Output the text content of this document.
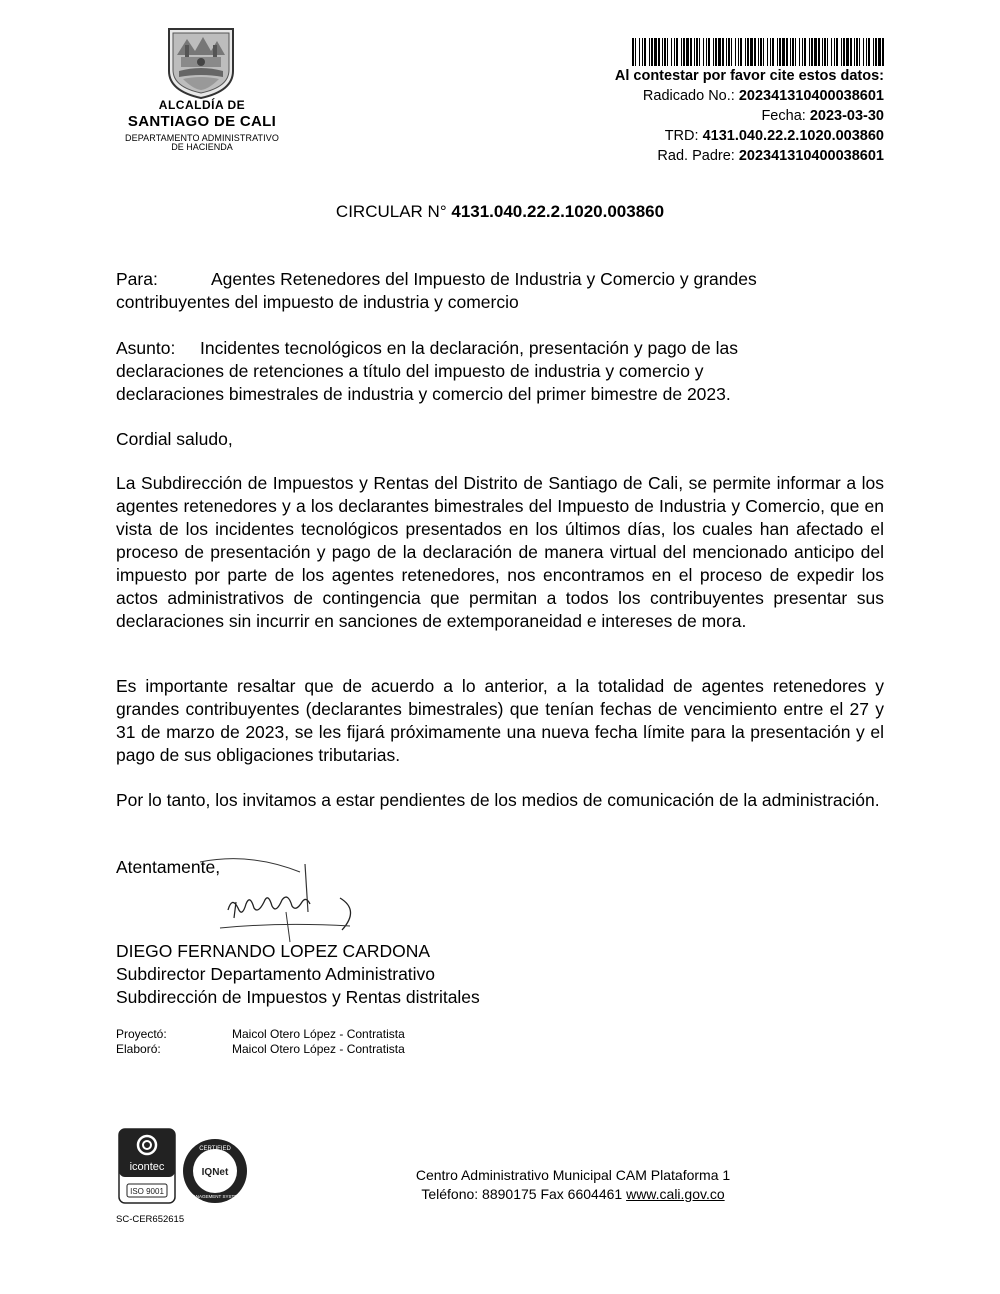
ALCALDÍA DE
SANTIAGO DE CALI
DEPARTAMENTO ADMINISTRATIVO
DE HACIENDA
Al contestar por favor cite estos datos:
Radicado No.: 202341310400038601
Fecha: 2023-03-30
TRD: 4131.040.22.2.1020.003860
Rad. Padre: 202341310400038601
CIRCULAR N° 4131.040.22.2.1020.003860
Para:	Agentes Retenedores del Impuesto de Industria y Comercio y grandes
contribuyentes del impuesto de industria y comercio
Asunto: Incidentes tecnológicos en la declaración, presentación y pago de las
declaraciones de retenciones a título del impuesto de industria y comercio y
declaraciones bimestrales de industria y comercio del primer bimestre de 2023.
Cordial saludo,
La Subdirección de Impuestos y Rentas del Distrito de Santiago de Cali, se permite informar a los agentes retenedores y a los declarantes bimestrales del Impuesto de Industria y Comercio, que en vista de los incidentes tecnológicos presentados en los últimos días, los cuales han afectado el proceso de presentación y pago de la declaración de manera virtual del mencionado anticipo del impuesto por parte de los agentes retenedores, nos encontramos en el proceso de expedir los actos administrativos de contingencia que permitan a todos los contribuyentes presentar sus declaraciones sin incurrir en sanciones de extemporaneidad e intereses de mora.
Es importante resaltar que de acuerdo a lo anterior, a la totalidad de agentes retenedores y grandes contribuyentes (declarantes bimestrales) que tenían fechas de vencimiento entre el 27 y 31 de marzo de 2023, se les fijará próximamente una nueva fecha límite para la presentación y el pago de sus obligaciones tributarias.
Por lo tanto, los invitamos a estar pendientes de los medios de comunicación de la administración.
Atentamente,
DIEGO FERNANDO LOPEZ CARDONA
Subdirector Departamento Administrativo
Subdirección de Impuestos y Rentas distritales
Proyectó:	Maicol Otero López - Contratista
Elaboró:	Maicol Otero López - Contratista
icontec
ISO 9001
CERTIFIED
IQNet
MANAGEMENT SYSTEM
SC-CER652615
Centro Administrativo Municipal CAM Plataforma 1
Teléfono: 8890175 Fax 6604461 www.cali.gov.co
